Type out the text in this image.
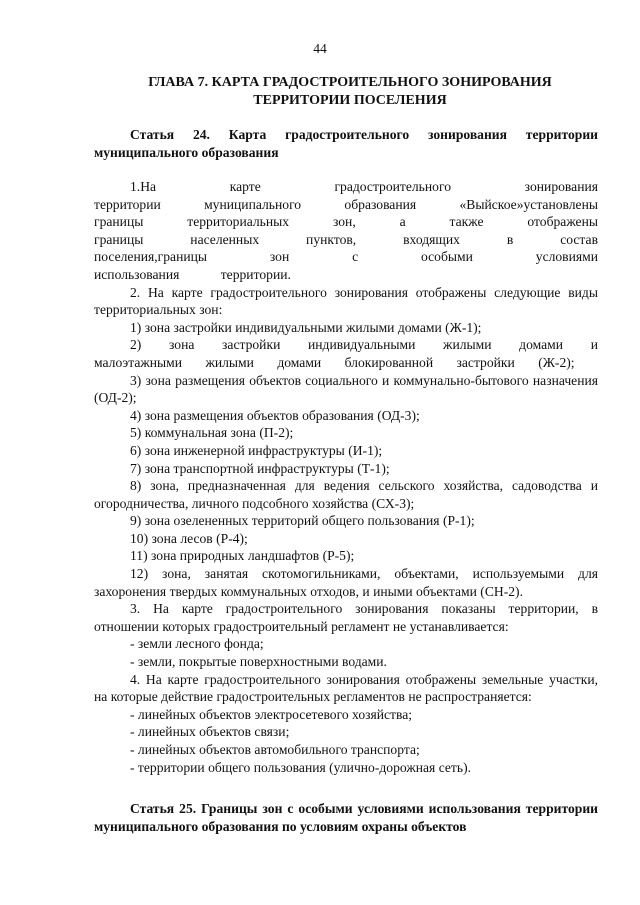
44
ГЛАВА 7. КАРТА ГРАДОСТРОИТЕЛЬНОГО ЗОНИРОВАНИЯ ТЕРРИТОРИИ ПОСЕЛЕНИЯ
Статья 24. Карта градостроительного зонирования территории муниципального образования

1.На карте градостроительного зонирования территории муниципального образования «Выйское»установлены границы территориальных зон, а также отображены границы населенных пунктов, входящих в состав поселения,границы зон с особыми условиями использования территории.

2. На карте градостроительного зонирования отображены следующие виды территориальных зон:

1) зона застройки индивидуальными жилыми домами (Ж-1);

2) зона застройки индивидуальными жилыми домами и малоэтажными жилыми домами блокированной застройки (Ж-2);

3) зона размещения объектов социального и коммунально-бытового назначения (ОД-2);

4) зона размещения объектов образования (ОД-3);

5) коммунальная зона (П-2);

6) зона инженерной инфраструктуры (И-1);

7) зона транспортной инфраструктуры (Т-1);

8) зона, предназначенная для ведения сельского хозяйства, садоводства и огородничества, личного подсобного хозяйства (СХ-3);

9) зона озелененных территорий общего пользования (Р-1);

10) зона лесов (Р-4);

11) зона природных ландшафтов (Р-5);

12) зона, занятая скотомогильниками, объектами, используемыми для захоронения твердых коммунальных отходов, и иными объектами (СН-2).

3. На карте градостроительного зонирования показаны территории, в отношении которых градостроительный регламент не устанавливается:

- земли лесного фонда;

- земли, покрытые поверхностными водами.

4. На карте градостроительного зонирования отображены земельные участки, на которые действие градостроительных регламентов не распространяется:

- линейных объектов электросетевого хозяйства;

- линейных объектов связи;

- линейных объектов автомобильного транспорта;

- территории общего пользования (улично-дорожная сеть).

Статья 25. Границы зон с особыми условиями использования территории муниципального образования по условиям охраны объектов
